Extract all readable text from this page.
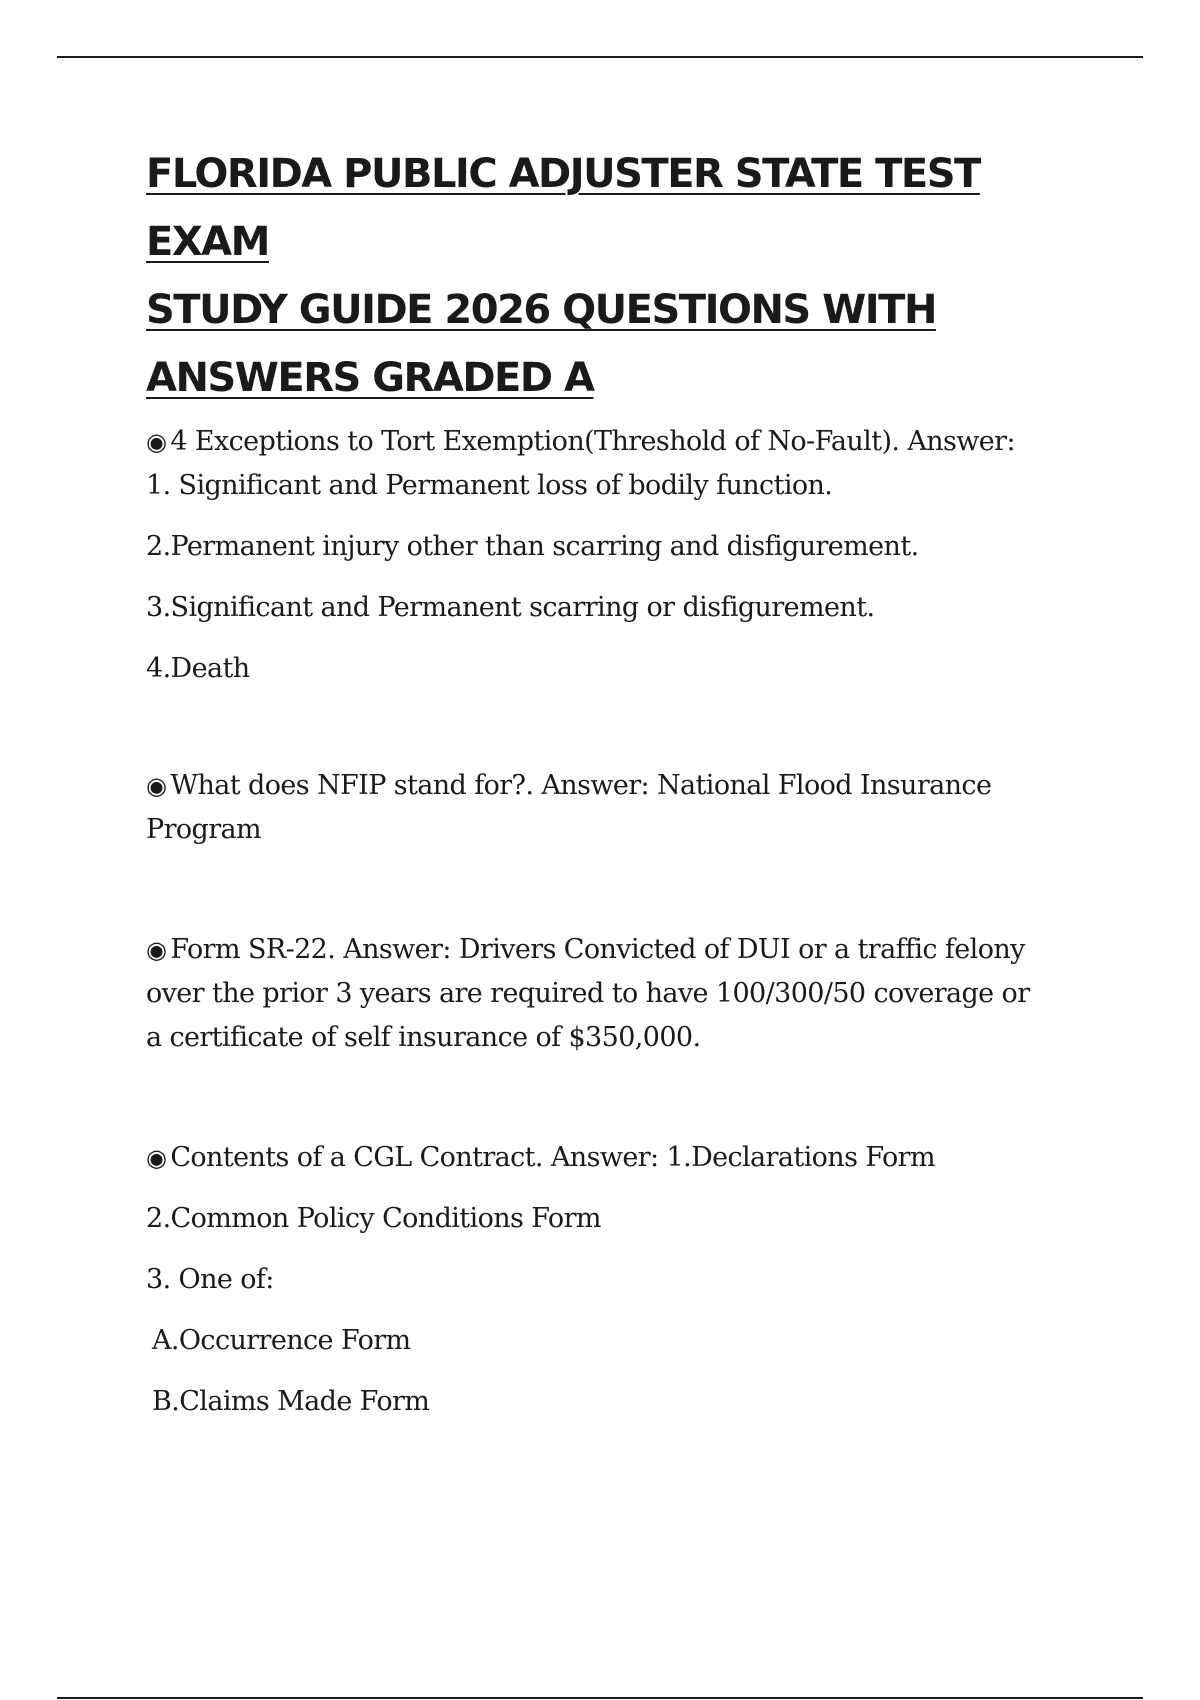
FLORIDA PUBLIC ADJUSTER STATE TEST EXAM
STUDY GUIDE 2026 QUESTIONS WITH
ANSWERS GRADED A
◉ 4 Exceptions to Tort Exemption(Threshold of No-Fault). Answer:
1. Significant and Permanent loss of bodily function.
2.Permanent injury other than scarring and disfigurement.
3.Significant and Permanent scarring or disfigurement.
4.Death
◉ What does NFIP stand for?. Answer: National Flood Insurance
Program
◉ Form SR-22. Answer: Drivers Convicted of DUI or a traffic felony
over the prior 3 years are required to have 100/300/50 coverage or
a certificate of self insurance of $350,000.
◉ Contents of a CGL Contract. Answer: 1.Declarations Form
2.Common Policy Conditions Form
3. One of:
A.Occurrence Form
B.Claims Made Form
